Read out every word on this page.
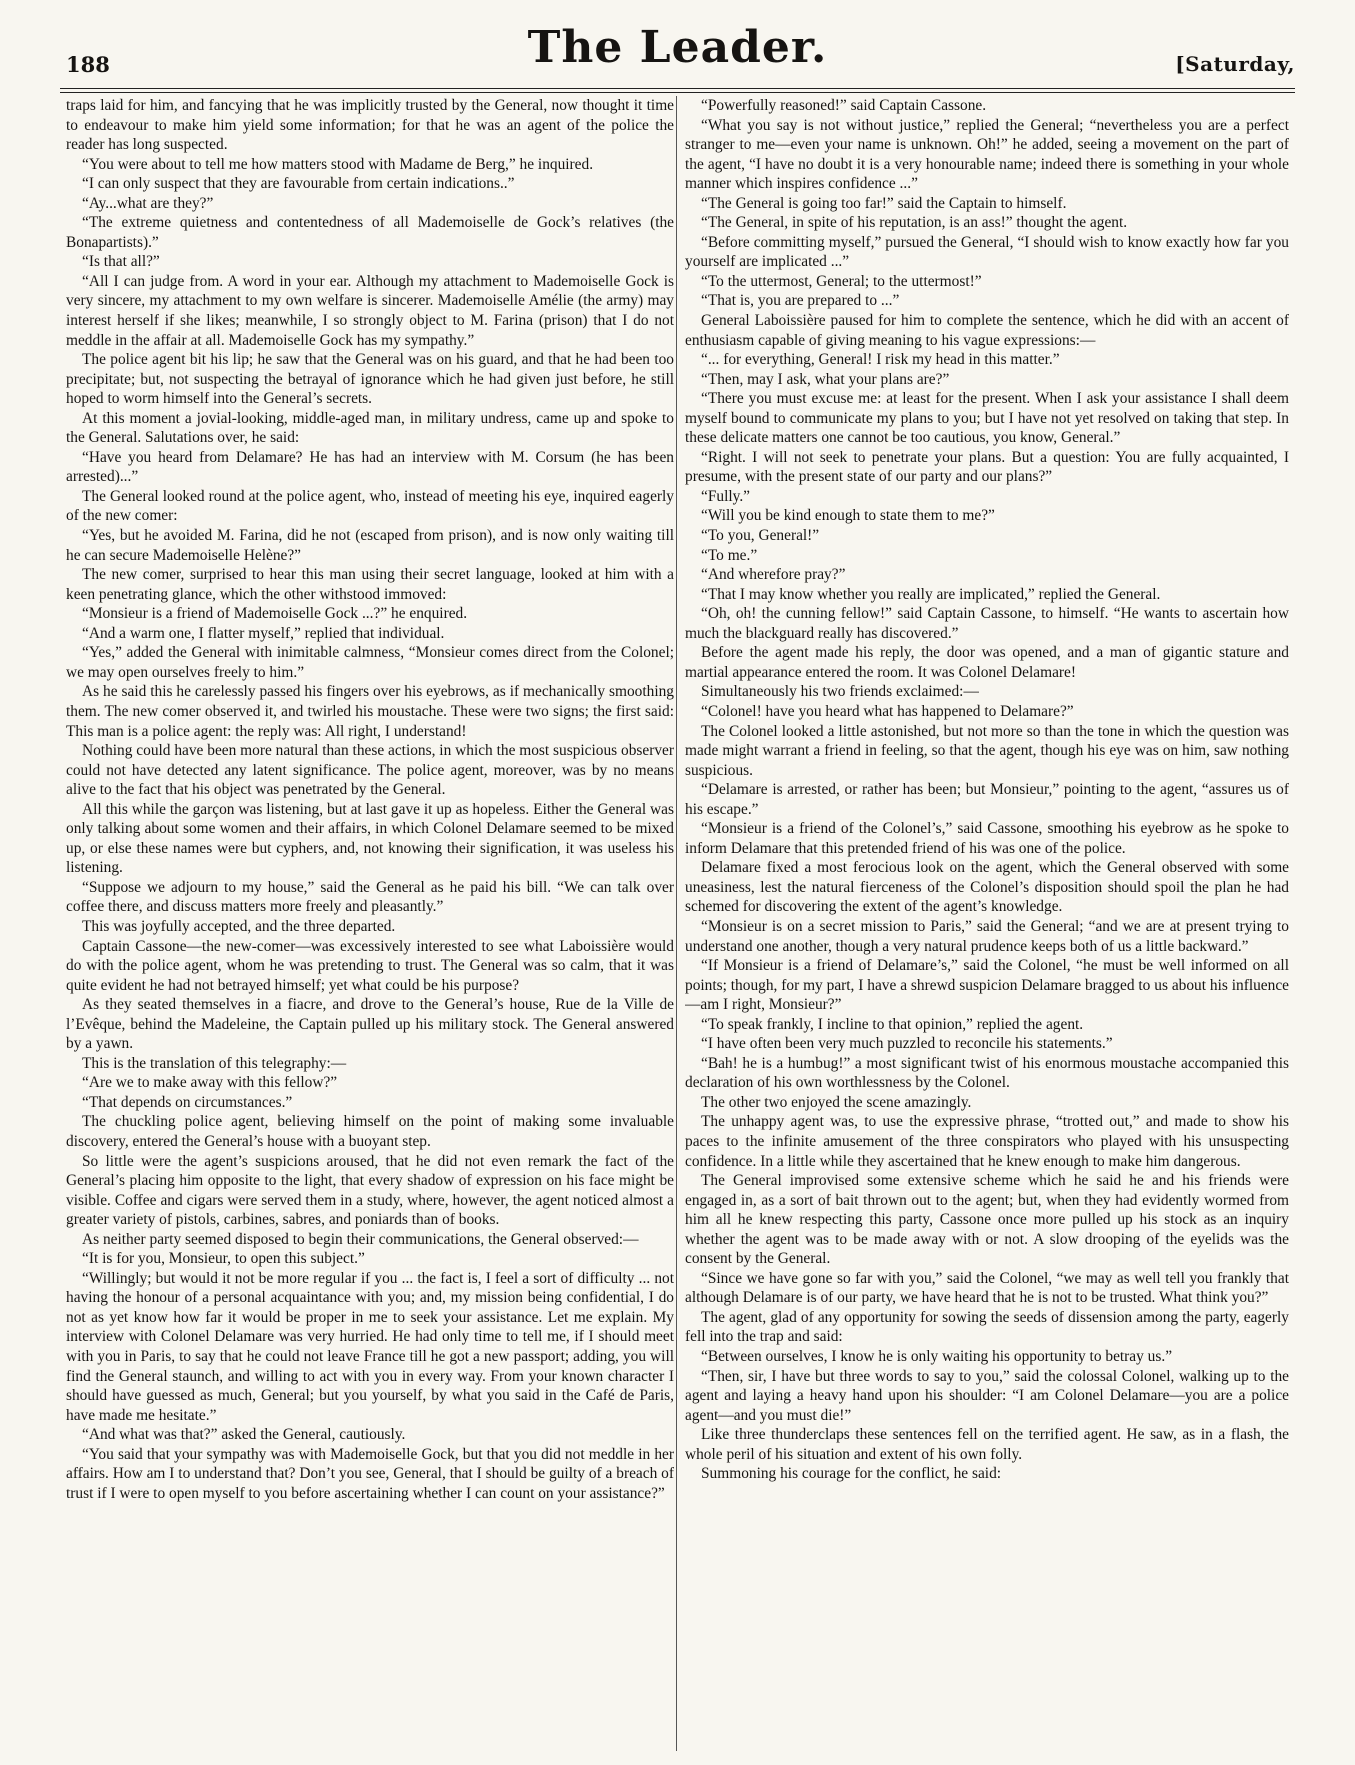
188	The Leader.	[Saturday,

traps laid for him, and fancying that he was implicitly trusted by the General, now thought it time to endeavour to make him yield some information; for that he was an agent of the police the reader has long suspected.

“You were about to tell me how matters stood with Madame de Berg,” he inquired.

“I can only suspect that they are favourable from certain indications..”

“Ay...what are they?”

“The extreme quietness and contentedness of all Mademoiselle de Gock’s relatives (the Bonapartists).”

“Is that all?”

“All I can judge from. A word in your ear. Although my attachment to Mademoiselle Gock is very sincere, my attachment to my own welfare is sincerer. Mademoiselle Amélie (the army) may interest herself if she likes; meanwhile, I so strongly object to M. Farina (prison) that I do not meddle in the affair at all. Mademoiselle Gock has my sympathy.”

The police agent bit his lip; he saw that the General was on his guard, and that he had been too precipitate; but, not suspecting the betrayal of ignorance which he had given just before, he still hoped to worm himself into the General’s secrets.

At this moment a jovial-looking, middle-aged man, in military undress, came up and spoke to the General. Salutations over, he said:

“Have you heard from Delamare? He has had an interview with M. Corsum (he has been arrested)...”

The General looked round at the police agent, who, instead of meeting his eye, inquired eagerly of the new comer:

“Yes, but he avoided M. Farina, did he not (escaped from prison), and is now only waiting till he can secure Mademoiselle Helène?”

The new comer, surprised to hear this man using their secret language, looked at him with a keen penetrating glance, which the other withstood immoved:

“Monsieur is a friend of Mademoiselle Gock ...?” he enquired.

“And a warm one, I flatter myself,” replied that individual.

“Yes,” added the General with inimitable calmness, “Monsieur comes direct from the Colonel; we may open ourselves freely to him.”

As he said this he carelessly passed his fingers over his eyebrows, as if mechanically smoothing them. The new comer observed it, and twirled his moustache. These were two signs; the first said: This man is a police agent: the reply was: All right, I understand!

Nothing could have been more natural than these actions, in which the most suspicious observer could not have detected any latent significance. The police agent, moreover, was by no means alive to the fact that his object was penetrated by the General.

All this while the garçon was listening, but at last gave it up as hopeless. Either the General was only talking about some women and their affairs, in which Colonel Delamare seemed to be mixed up, or else these names were but cyphers, and, not knowing their signification, it was useless his listening.

“Suppose we adjourn to my house,” said the General as he paid his bill. “We can talk over coffee there, and discuss matters more freely and pleasantly.”

This was joyfully accepted, and the three departed.

Captain Cassone—the new-comer—was excessively interested to see what Laboissière would do with the police agent, whom he was pretending to trust. The General was so calm, that it was quite evident he had not betrayed himself; yet what could be his purpose?

As they seated themselves in a fiacre, and drove to the General’s house, Rue de la Ville de l’Evêque, behind the Madeleine, the Captain pulled up his military stock. The General answered by a yawn.

This is the translation of this telegraphy:—

“Are we to make away with this fellow?”

“That depends on circumstances.”

The chuckling police agent, believing himself on the point of making some invaluable discovery, entered the General’s house with a buoyant step.

So little were the agent’s suspicions aroused, that he did not even remark the fact of the General’s placing him opposite to the light, that every shadow of expression on his face might be visible. Coffee and cigars were served them in a study, where, however, the agent noticed almost a greater variety of pistols, carbines, sabres, and poniards than of books.

As neither party seemed disposed to begin their communications, the General observed:—

“It is for you, Monsieur, to open this subject.”

“Willingly; but would it not be more regular if you ... the fact is, I feel a sort of difficulty ... not having the honour of a personal acquaintance with you; and, my mission being confidential, I do not as yet know how far it would be proper in me to seek your assistance. Let me explain. My interview with Colonel Delamare was very hurried. He had only time to tell me, if I should meet with you in Paris, to say that he could not leave France till he got a new passport; adding, you will find the General staunch, and willing to act with you in every way. From your known character I should have guessed as much, General; but you yourself, by what you said in the Café de Paris, have made me hesitate.”

“And what was that?” asked the General, cautiously.

“You said that your sympathy was with Mademoiselle Gock, but that you did not meddle in her affairs. How am I to understand that? Don’t you see, General, that I should be guilty of a breach of trust if I were to open myself to you before ascertaining whether I can count on your assistance?”

“Powerfully reasoned!” said Captain Cassone.

“What you say is not without justice,” replied the General; “nevertheless you are a perfect stranger to me—even your name is unknown. Oh!” he added, seeing a movement on the part of the agent, “I have no doubt it is a very honourable name; indeed there is something in your whole manner which inspires confidence ...”

“The General is going too far!” said the Captain to himself.

“The General, in spite of his reputation, is an ass!” thought the agent.

“Before committing myself,” pursued the General, “I should wish to know exactly how far you yourself are implicated ...”

“To the uttermost, General; to the uttermost!”

“That is, you are prepared to ...”

General Laboissière paused for him to complete the sentence, which he did with an accent of enthusiasm capable of giving meaning to his vague expressions:—

“... for everything, General! I risk my head in this matter.”

“Then, may I ask, what your plans are?”

“There you must excuse me: at least for the present. When I ask your assistance I shall deem myself bound to communicate my plans to you; but I have not yet resolved on taking that step. In these delicate matters one cannot be too cautious, you know, General.”

“Right. I will not seek to penetrate your plans. But a question: You are fully acquainted, I presume, with the present state of our party and our plans?”

“Fully.”

“Will you be kind enough to state them to me?”

“To you, General!”

“To me.”

“And wherefore pray?”

“That I may know whether you really are implicated,” replied the General.

“Oh, oh! the cunning fellow!” said Captain Cassone, to himself. “He wants to ascertain how much the blackguard really has discovered.”

Before the agent made his reply, the door was opened, and a man of gigantic stature and martial appearance entered the room. It was Colonel Delamare!

Simultaneously his two friends exclaimed:—

“Colonel! have you heard what has happened to Delamare?”

The Colonel looked a little astonished, but not more so than the tone in which the question was made might warrant a friend in feeling, so that the agent, though his eye was on him, saw nothing suspicious.

“Delamare is arrested, or rather has been; but Monsieur,” pointing to the agent, “assures us of his escape.”

“Monsieur is a friend of the Colonel’s,” said Cassone, smoothing his eyebrow as he spoke to inform Delamare that this pretended friend of his was one of the police.

Delamare fixed a most ferocious look on the agent, which the General observed with some uneasiness, lest the natural fierceness of the Colonel’s disposition should spoil the plan he had schemed for discovering the extent of the agent’s knowledge.

“Monsieur is on a secret mission to Paris,” said the General; “and we are at present trying to understand one another, though a very natural prudence keeps both of us a little backward.”

“If Monsieur is a friend of Delamare’s,” said the Colonel, “he must be well informed on all points; though, for my part, I have a shrewd suspicion Delamare bragged to us about his influence—am I right, Monsieur?”

“To speak frankly, I incline to that opinion,” replied the agent.

“I have often been very much puzzled to reconcile his statements.”

“Bah! he is a humbug!” a most significant twist of his enormous moustache accompanied this declaration of his own worthlessness by the Colonel.

The other two enjoyed the scene amazingly.

The unhappy agent was, to use the expressive phrase, “trotted out,” and made to show his paces to the infinite amusement of the three conspirators who played with his unsuspecting confidence. In a little while they ascertained that he knew enough to make him dangerous.

The General improvised some extensive scheme which he said he and his friends were engaged in, as a sort of bait thrown out to the agent; but, when they had evidently wormed from him all he knew respecting this party, Cassone once more pulled up his stock as an inquiry whether the agent was to be made away with or not. A slow drooping of the eyelids was the consent by the General.

“Since we have gone so far with you,” said the Colonel, “we may as well tell you frankly that although Delamare is of our party, we have heard that he is not to be trusted. What think you?”

The agent, glad of any opportunity for sowing the seeds of dissension among the party, eagerly fell into the trap and said:

“Between ourselves, I know he is only waiting his opportunity to betray us.”

“Then, sir, I have but three words to say to you,” said the colossal Colonel, walking up to the agent and laying a heavy hand upon his shoulder: “I am Colonel Delamare—you are a police agent—and you must die!”

Like three thunderclaps these sentences fell on the terrified agent. He saw, as in a flash, the whole peril of his situation and extent of his own folly.

Summoning his courage for the conflict, he said:
